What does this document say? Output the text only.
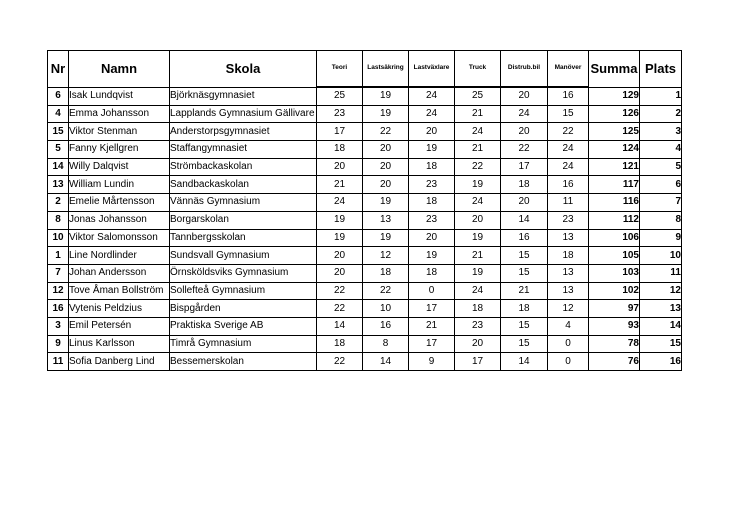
Nr	Namn	Skola	Teori	Lastsäkring	Lastväxlare	Truck	Distrub.bil	Manöver	Summa	Plats
6	Isak Lundqvist	Björknäsgymnasiet	25	19	24	25	20	16	129	1
4	Emma Johansson	Lapplands Gymnasium Gällivare	23	19	24	21	24	15	126	2
15	Viktor Stenman	Anderstorpsgymnasiet	17	22	20	24	20	22	125	3
5	Fanny Kjellgren	Staffangymnasiet	18	20	19	21	22	24	124	4
14	Willy Dalqvist	Strömbackaskolan	20	20	18	22	17	24	121	5
13	William Lundin	Sandbackaskolan	21	20	23	19	18	16	117	6
2	Emelie Mårtensson	Vännäs Gymnasium	24	19	18	24	20	11	116	7
8	Jonas Johansson	Borgarskolan	19	13	23	20	14	23	112	8
10	Viktor Salomonsson	Tannbergsskolan	19	19	20	19	16	13	106	9
1	Line Nordlinder	Sundsvall Gymnasium	20	12	19	21	15	18	105	10
7	Johan Andersson	Örnsköldsviks Gymnasium	20	18	18	19	15	13	103	11
12	Tove Åman Bollström	Sollefteå Gymnasium	22	22	0	24	21	13	102	12
16	Vytenis Peldzius	Bispgården	22	10	17	18	18	12	97	13
3	Emil Petersén	Praktiska Sverige AB	14	16	21	23	15	4	93	14
9	Linus Karlsson	Timrå Gymnasium	18	8	17	20	15	0	78	15
11	Sofia Danberg Lind	Bessemerskolan	22	14	9	17	14	0	76	16
